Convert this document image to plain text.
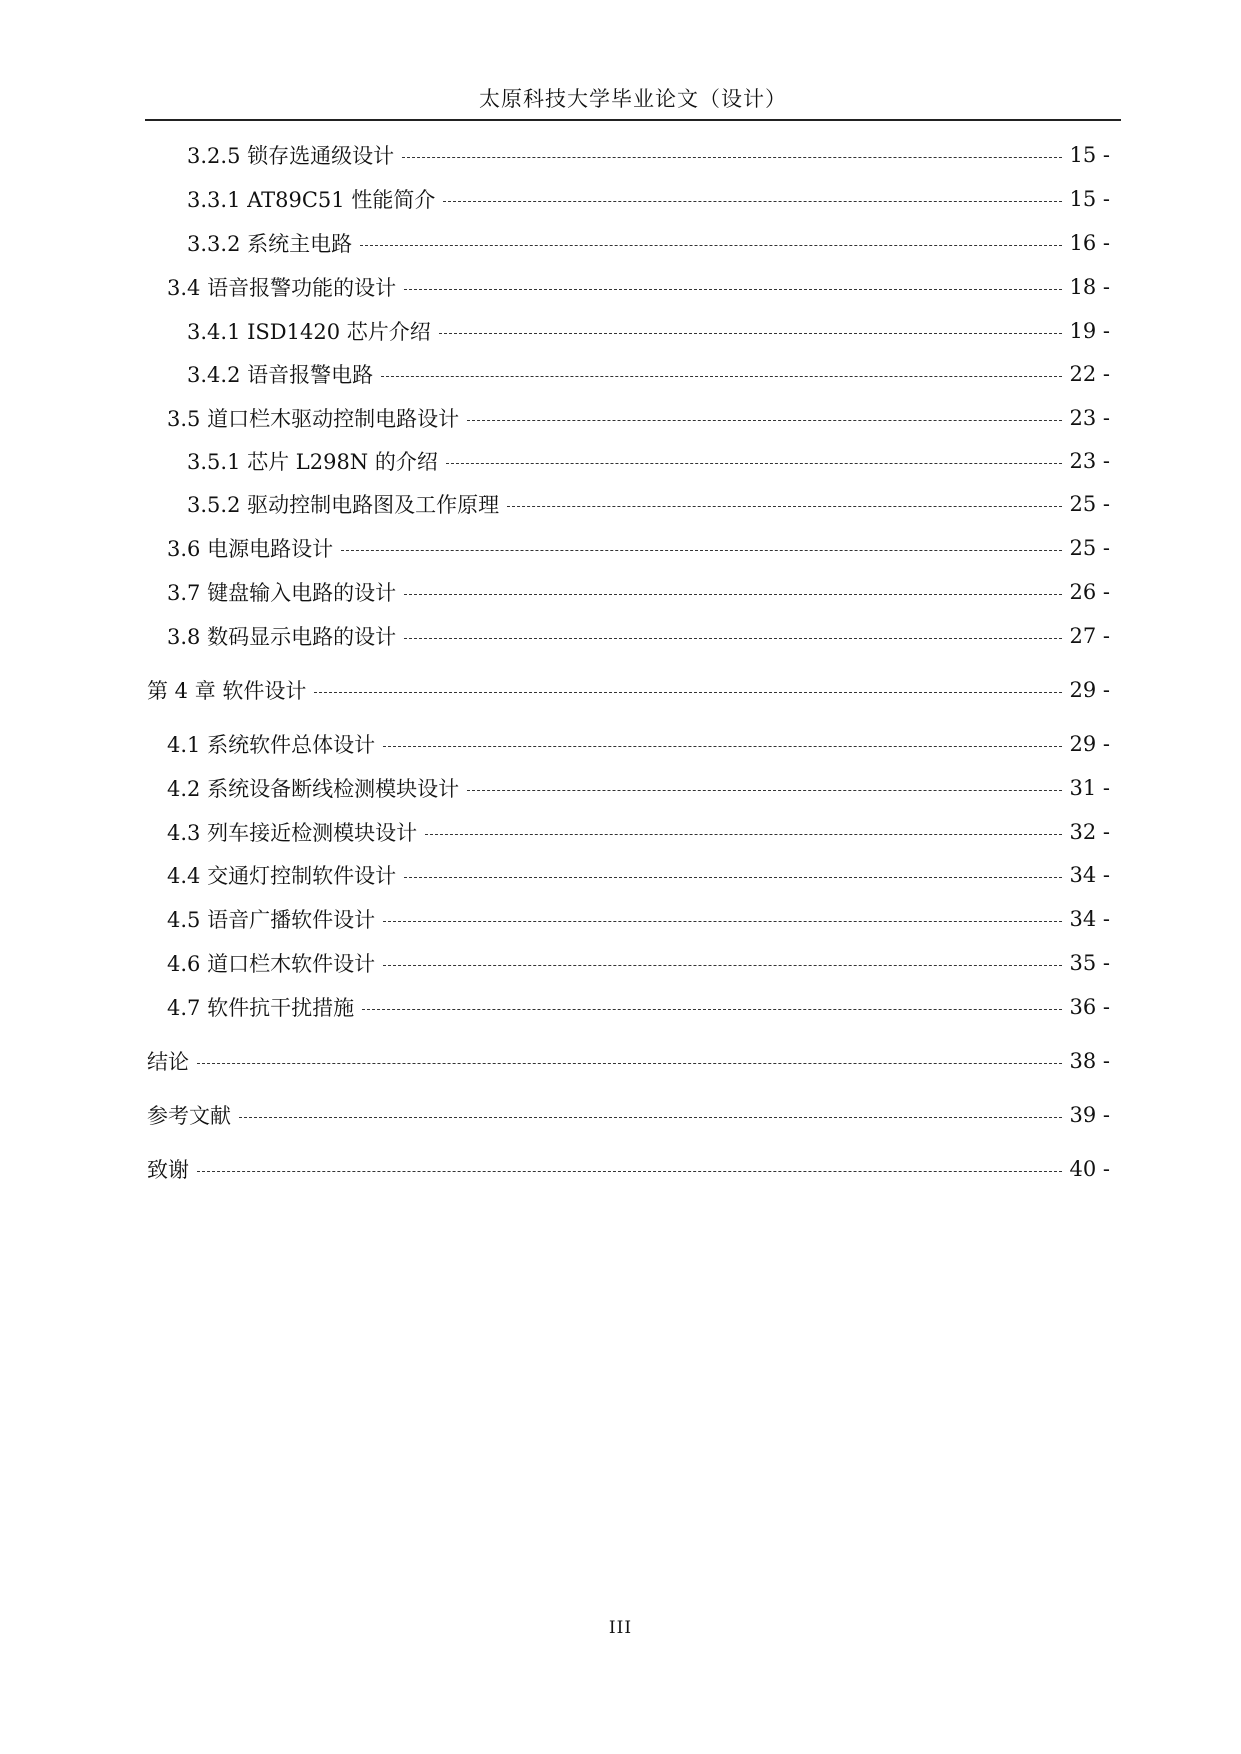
太原科技大学毕业论文（设计）
3.2.5 锁存选通级设计	15 -
3.3.1 AT89C51 性能简介	15 -
3.3.2 系统主电路	16 -
3.4 语音报警功能的设计	18 -
3.4.1 ISD1420 芯片介绍	19 -
3.4.2 语音报警电路	22 -
3.5 道口栏木驱动控制电路设计	23 -
3.5.1 芯片 L298N 的介绍	23 -
3.5.2 驱动控制电路图及工作原理	25 -
3.6 电源电路设计	25 -
3.7 键盘输入电路的设计	26 -
3.8 数码显示电路的设计	27 -
第 4 章 软件设计	29 -
4.1 系统软件总体设计	29 -
4.2 系统设备断线检测模块设计	31 -
4.3 列车接近检测模块设计	32 -
4.4 交通灯控制软件设计	34 -
4.5 语音广播软件设计	34 -
4.6 道口栏木软件设计	35 -
4.7 软件抗干扰措施	36 -
结论	38 -
参考文献	39 -
致谢	40 -
III
